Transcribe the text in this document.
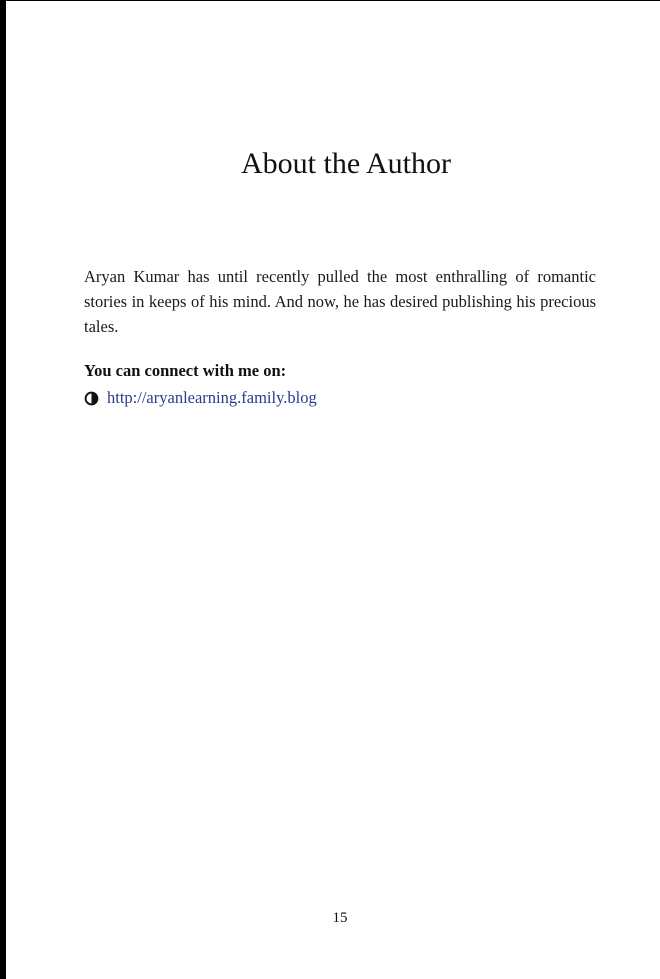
About the Author

Aryan Kumar has until recently pulled the most enthralling of romantic stories in keeps of his mind. And now, he has desired publishing his precious tales.

You can connect with me on:

http://aryanlearning.family.blog
15
